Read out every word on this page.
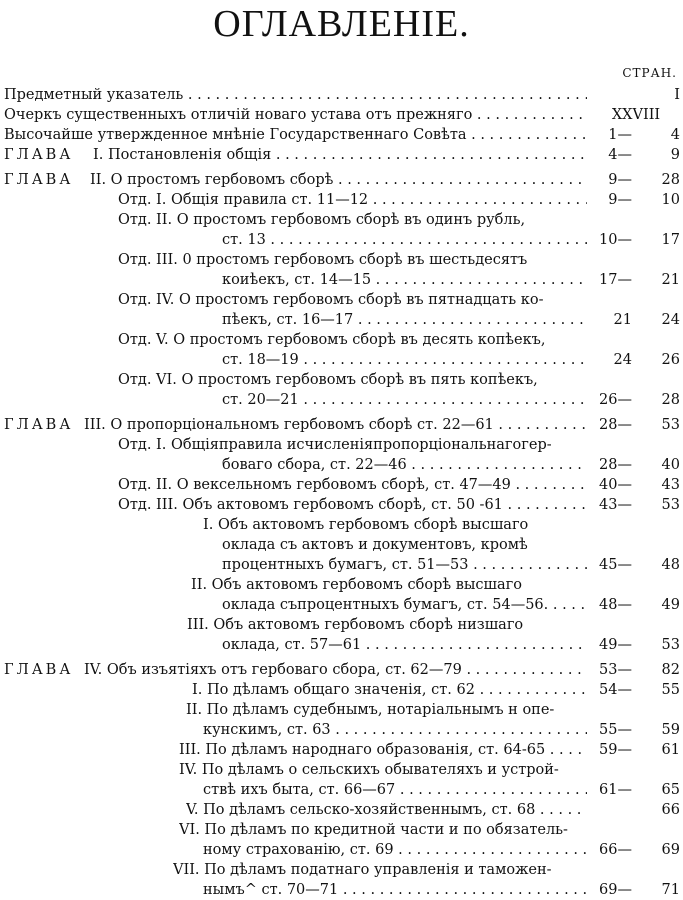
ОГЛАВЛЕНІЕ.
СТРАН.
Предметный указатель . . .	I
Очеркъ существенныхъ отличій новаго устава отъ прежняго . . .	XXVIII
Высочайше утвержденное мнѣніе Государственнаго Совѣта . . .	1—	4
ГЛАВА I. Постановленія общія . . .	4—	9
ГЛАВА II. О простомъ гербовомъ сборѣ . . .	9— 28
Отд. I. Общія правила ст. 11—12 . . .	9— 10
Отд. II. О простомъ гербовомъ сборѣ въ одинъ рубль,
ст. 13 . . .	10— 17
Отд. III. 0 простомъ гербовомъ сборѣ въ шестьдесятъ
коиѣекъ, ст. 14—15 . . .	17— 21
Отд. IV. О простомъ гербовомъ сборѣ въ пятнадцать ко-
пѣекъ, ст. 16—17 . . .	21 24
Отд. V. О простомъ гербовомъ сборѣ въ десять копѣекъ,
ст. 18—19 . . .	24 26
Отд. VI. О простомъ гербовомъ сборѣ въ пять копѣекъ,
ст. 20—21 . . .	26— 28
ГЛАВА III. О пропорціональномъ гербовомъ сборѣ ст. 22—61 . . .	28— 53
Отд. I. Общіяправила исчисленіяпропорціональнагогер-
боваго сбора, ст. 22—46 . . .	28— 40
Отд. II. О вексельномъ гербовомъ сборѣ, ст. 47—49 . . .	40— 43
Отд. III. Объ актовомъ гербовомъ сборѣ, ст. 50 -61 . . .	43— 53
I. Объ актовомъ гербовомъ сборѣ высшаго
оклада съ актовъ и документовъ, кромѣ
процентныхъ бумагъ, ст. 51—53 . . .	45— 48
II. Объ актовомъ гербовомъ сборѣ высшаго
оклада съпроцентныхъ бумагъ, ст. 54—56. . . .	48— 49
III. Объ актовомъ гербовомъ сборѣ низшаго
оклада, ст. 57—61 . . .	49— 53
ГЛАВА IV. Объ изъятіяхъ отъ гербоваго сбора, ст. 62—79 . . .	53— 82
I. По дѣламъ общаго значенія, ст. 62 . . .	54— 55
II. По дѣламъ судебнымъ, нотаріальнымъ н опе-
кунскимъ, ст. 63 . . .	55— 59
III. По дѣламъ народнаго образованія, ст. 64-65 . . .	59— 61
IV. По дѣламъ о сельскихъ обывателяхъ и устрой-
ствѣ ихъ быта, ст. 66—67 . . .	61— 65
V. По дѣламъ сельско-хозяйственнымъ, ст. 68 . . .	66
VI. По дѣламъ по кредитной части и по обязатель-
ному страхованію, ст. 69 . . .	66— 69
VII. По дѣламъ податнаго управленія и таможен-
нымъ^ ст. 70—71 . . .	69— 71
